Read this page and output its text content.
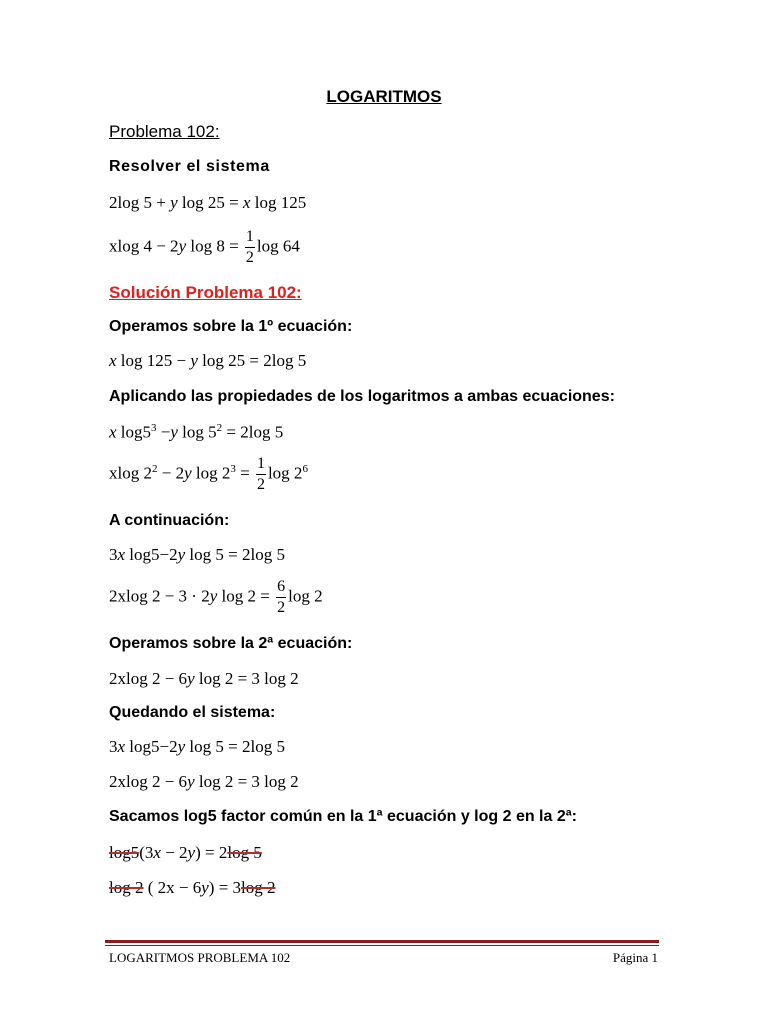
LOGARITMOS
Problema 102:
Resolver el sistema
2log 5 + y log 25 = x log 125
xlog 4 − 2y $\log 8 = \frac{1}{2}$ log 64
Solución Problema 102:
Operamos sobre la 1º ecuación:
x log 125 − y log 25 = 2log 5
Aplicando las propiedades de los logaritmos a ambas ecuaciones:
x $\log 5^3 -y$ $\log 5^2 = 2\log$ 5
xlog $2^2 - 2y$ $\log 2^3 = \frac{1}{2}$ $\log 2^6$
A continuación:
3x log5−2y log 5 = 2log 5
2xlog 2 − 3 · 2y $\log 2 = \frac{6}{2}$ log 2
Operamos sobre la 2ª ecuación:
2xlog 2 − 6y log 2 = 3 log 2
Quedando el sistema:
3x log5−2y log 5 = 2log 5
2xlog 2 − 6y log 2 = 3 log 2
Sacamos log5 factor común en la 1ª ecuación y log 2 en la 2ª:
log5(3x − 2y) = 2log 5
log 2 ( 2x − 6y) = 3log 2
LOGARITMOS PROBLEMA 102	Página 1
